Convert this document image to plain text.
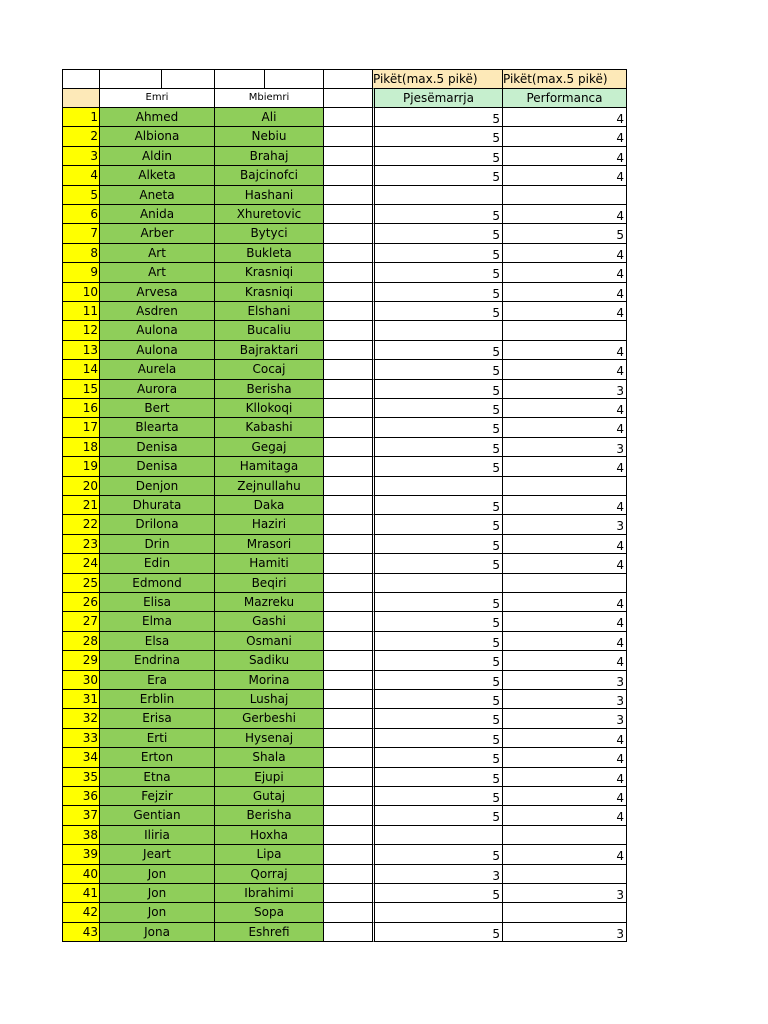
Pikët(max.5 pikë)	Pikët(max.5 pikë)
Emri	Mbiemri	Pjesëmarrja	Performanca
1	Ahmed	Ali	5	4
2	Albiona	Nebiu	5	4
3	Aldin	Brahaj	5	4
4	Alketa	Bajcinofci	5	4
5	Aneta	Hashani
6	Anida	Xhuretovic	5	4
7	Arber	Bytyci	5	5
8	Art	Bukleta	5	4
9	Art	Krasniqi	5	4
10	Arvesa	Krasniqi	5	4
11	Asdren	Elshani	5	4
12	Aulona	Bucaliu
13	Aulona	Bajraktari	5	4
14	Aurela	Cocaj	5	4
15	Aurora	Berisha	5	3
16	Bert	Kllokoqi	5	4
17	Blearta	Kabashi	5	4
18	Denisa	Gegaj	5	3
19	Denisa	Hamitaga	5	4
20	Denjon	Zejnullahu
21	Dhurata	Daka	5	4
22	Drilona	Haziri	5	3
23	Drin	Mrasori	5	4
24	Edin	Hamiti	5	4
25	Edmond	Beqiri
26	Elisa	Mazreku	5	4
27	Elma	Gashi	5	4
28	Elsa	Osmani	5	4
29	Endrina	Sadiku	5	4
30	Era	Morina	5	3
31	Erblin	Lushaj	5	3
32	Erisa	Gerbeshi	5	3
33	Erti	Hysenaj	5	4
34	Erton	Shala	5	4
35	Etna	Ejupi	5	4
36	Fejzir	Gutaj	5	4
37	Gentian	Berisha	5	4
38	Iliria	Hoxha
39	Jeart	Lipa	5	4
40	Jon	Qorraj	3
41	Jon	Ibrahimi	5	3
42	Jon	Sopa
43	Jona	Eshrefi	5	3
